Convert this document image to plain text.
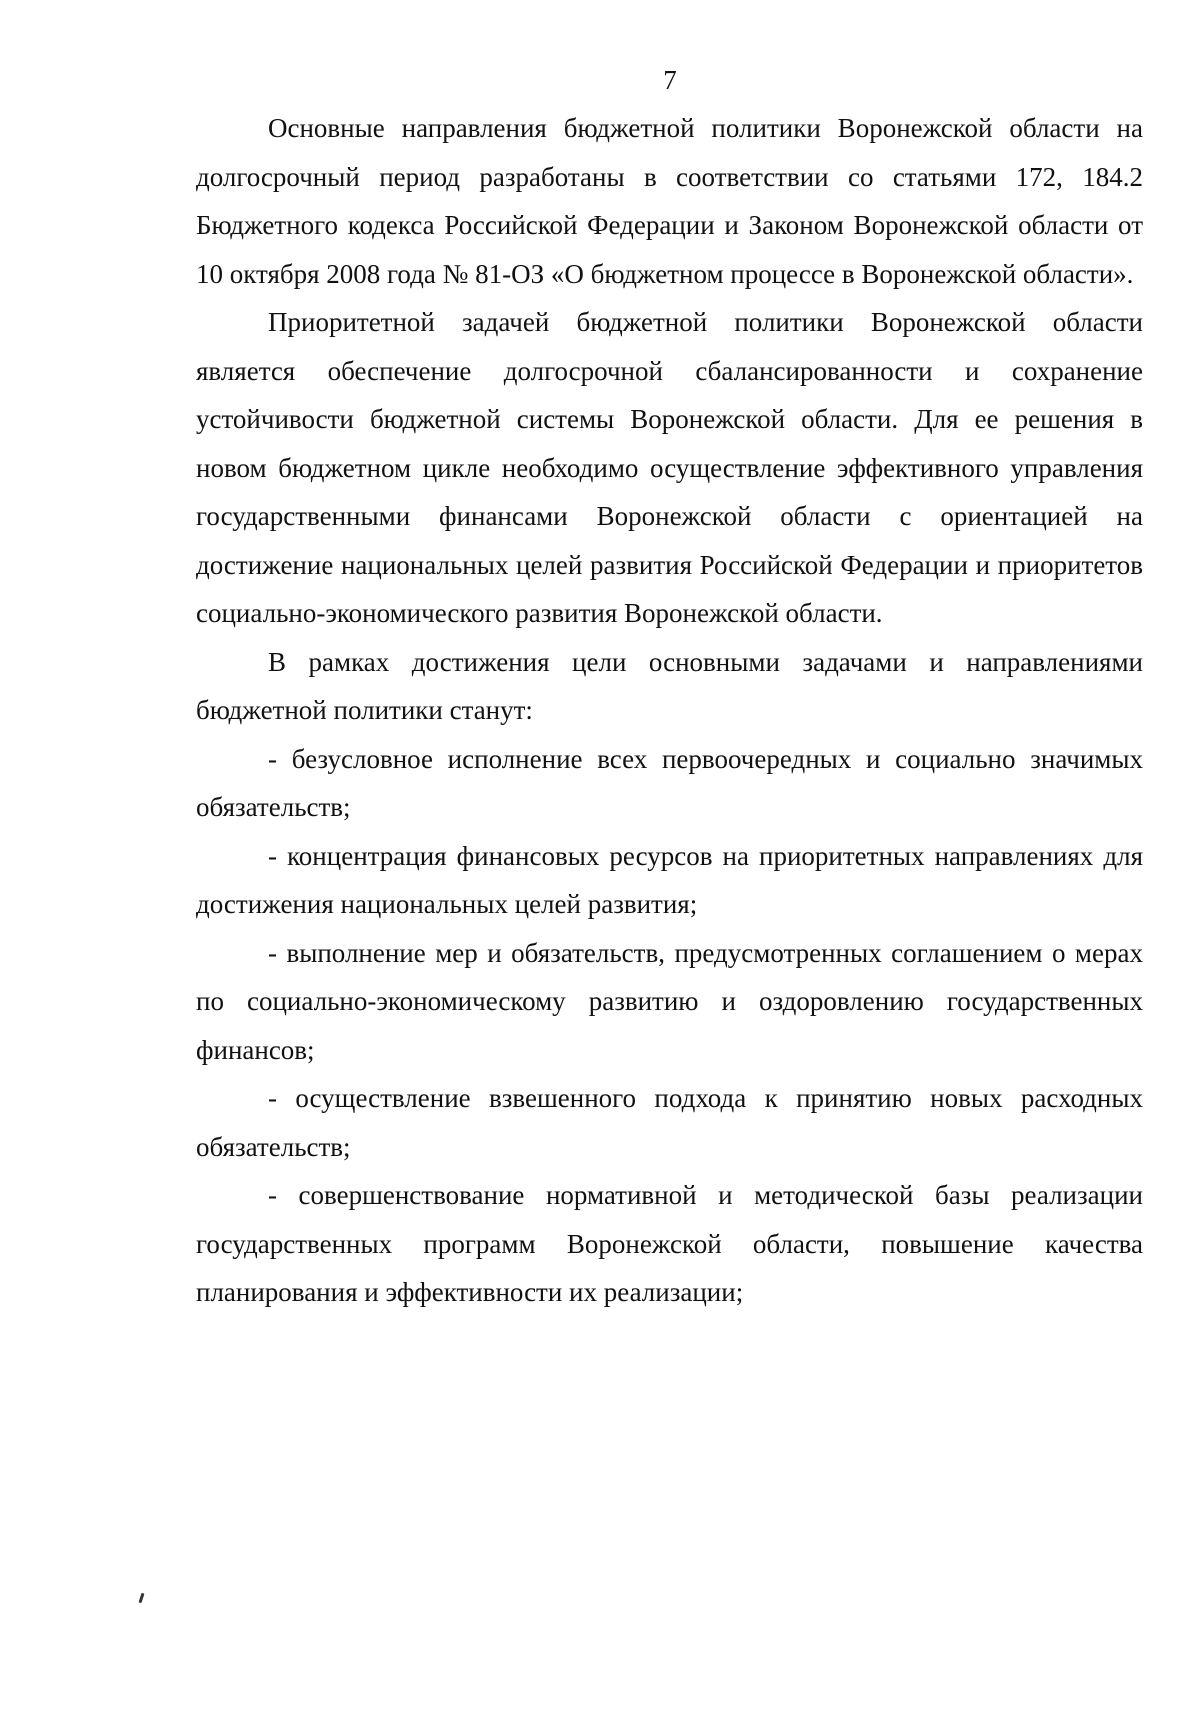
7

Основные направления бюджетной политики Воронежской области на долгосрочный период разработаны в соответствии со статьями 172, 184.2 Бюджетного кодекса Российской Федерации и Законом Воронежской области от 10 октября 2008 года № 81-ОЗ «О бюджетном процессе в Воронежской области».

Приоритетной задачей бюджетной политики Воронежской области является обеспечение долгосрочной сбалансированности и сохранение устойчивости бюджетной системы Воронежской области. Для ее решения в новом бюджетном цикле необходимо осуществление эффективного управления государственными финансами Воронежской области с ориентацией на достижение национальных целей развития Российской Федерации и приоритетов социально-экономического развития Воронежской области.

В рамках достижения цели основными задачами и направлениями бюджетной политики станут:

- безусловное исполнение всех первоочередных и социально значимых обязательств;

- концентрация финансовых ресурсов на приоритетных направлениях для достижения национальных целей развития;

- выполнение мер и обязательств, предусмотренных соглашением о мерах по социально-экономическому развитию и оздоровлению государственных финансов;

- осуществление взвешенного подхода к принятию новых расходных обязательств;

- совершенствование нормативной и методической базы реализации государственных программ Воронежской области, повышение качества планирования и эффективности их реализации;
